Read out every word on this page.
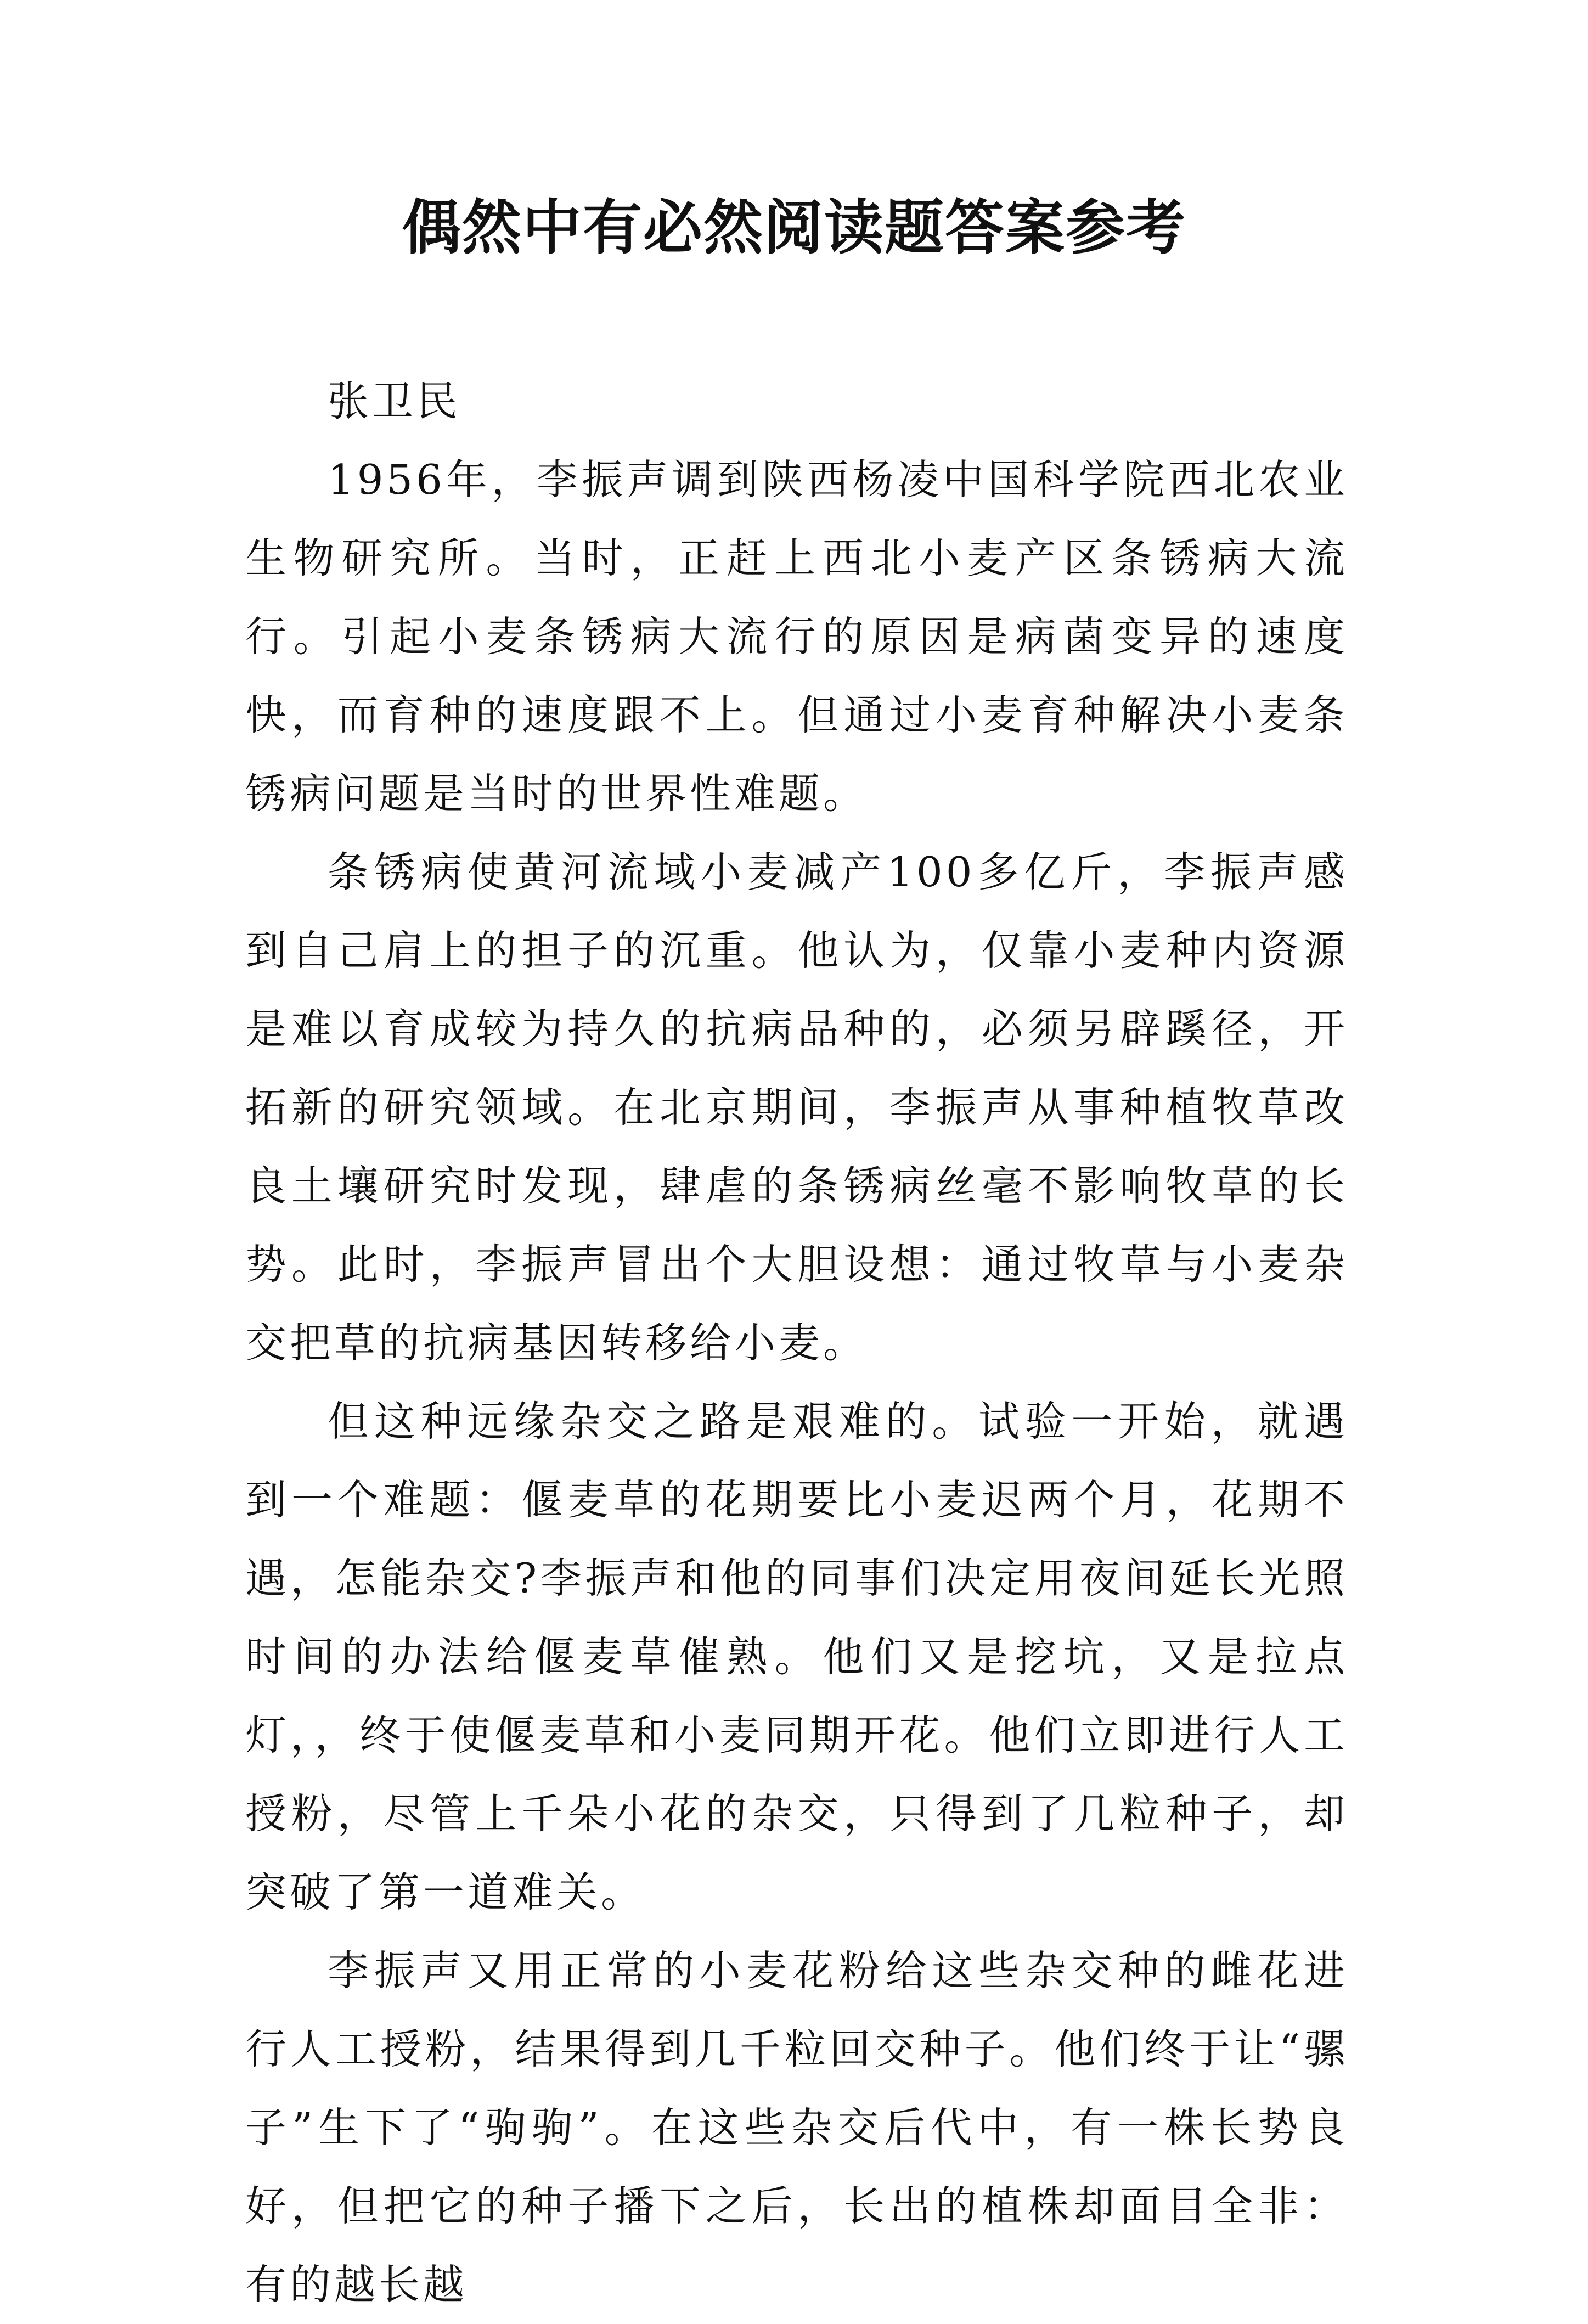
偶然中有必然阅读题答案参考

张卫民

1956年，李振声调到陕西杨凌中国科学院西北农业生物研究所。当时，正赶上西北小麦产区条锈病大流行。引起小麦条锈病大流行的原因是病菌变异的速度快，而育种的速度跟不上。但通过小麦育种解决小麦条锈病问题是当时的世界性难题。

条锈病使黄河流域小麦减产100多亿斤，李振声感到自己肩上的担子的沉重。他认为，仅靠小麦种内资源是难以育成较为持久的抗病品种的，必须另辟蹊径，开拓新的研究领域。在北京期间，李振声从事种植牧草改良土壤研究时发现，肆虐的条锈病丝毫不影响牧草的长势。此时，李振声冒出个大胆设想：通过牧草与小麦杂交把草的抗病基因转移给小麦。

但这种远缘杂交之路是艰难的。试验一开始，就遇到一个难题：偃麦草的花期要比小麦迟两个月，花期不遇，怎能杂交?李振声和他的同事们决定用夜间延长光照时间的办法给偃麦草催熟。他们又是挖坑，又是拉点灯，，终于使偃麦草和小麦同期开花。他们立即进行人工授粉，尽管上千朵小花的杂交，只得到了几粒种子，却突破了第一道难关。

李振声又用正常的小麦花粉给这些杂交种的雌花进行人工授粉，结果得到几千粒回交种子。他们终于让“骡子”生下了“驹驹”。在这些杂交后代中，有一株长势良好，但把它的种子播下之后，长出的植株却面目全非：有的越长越
